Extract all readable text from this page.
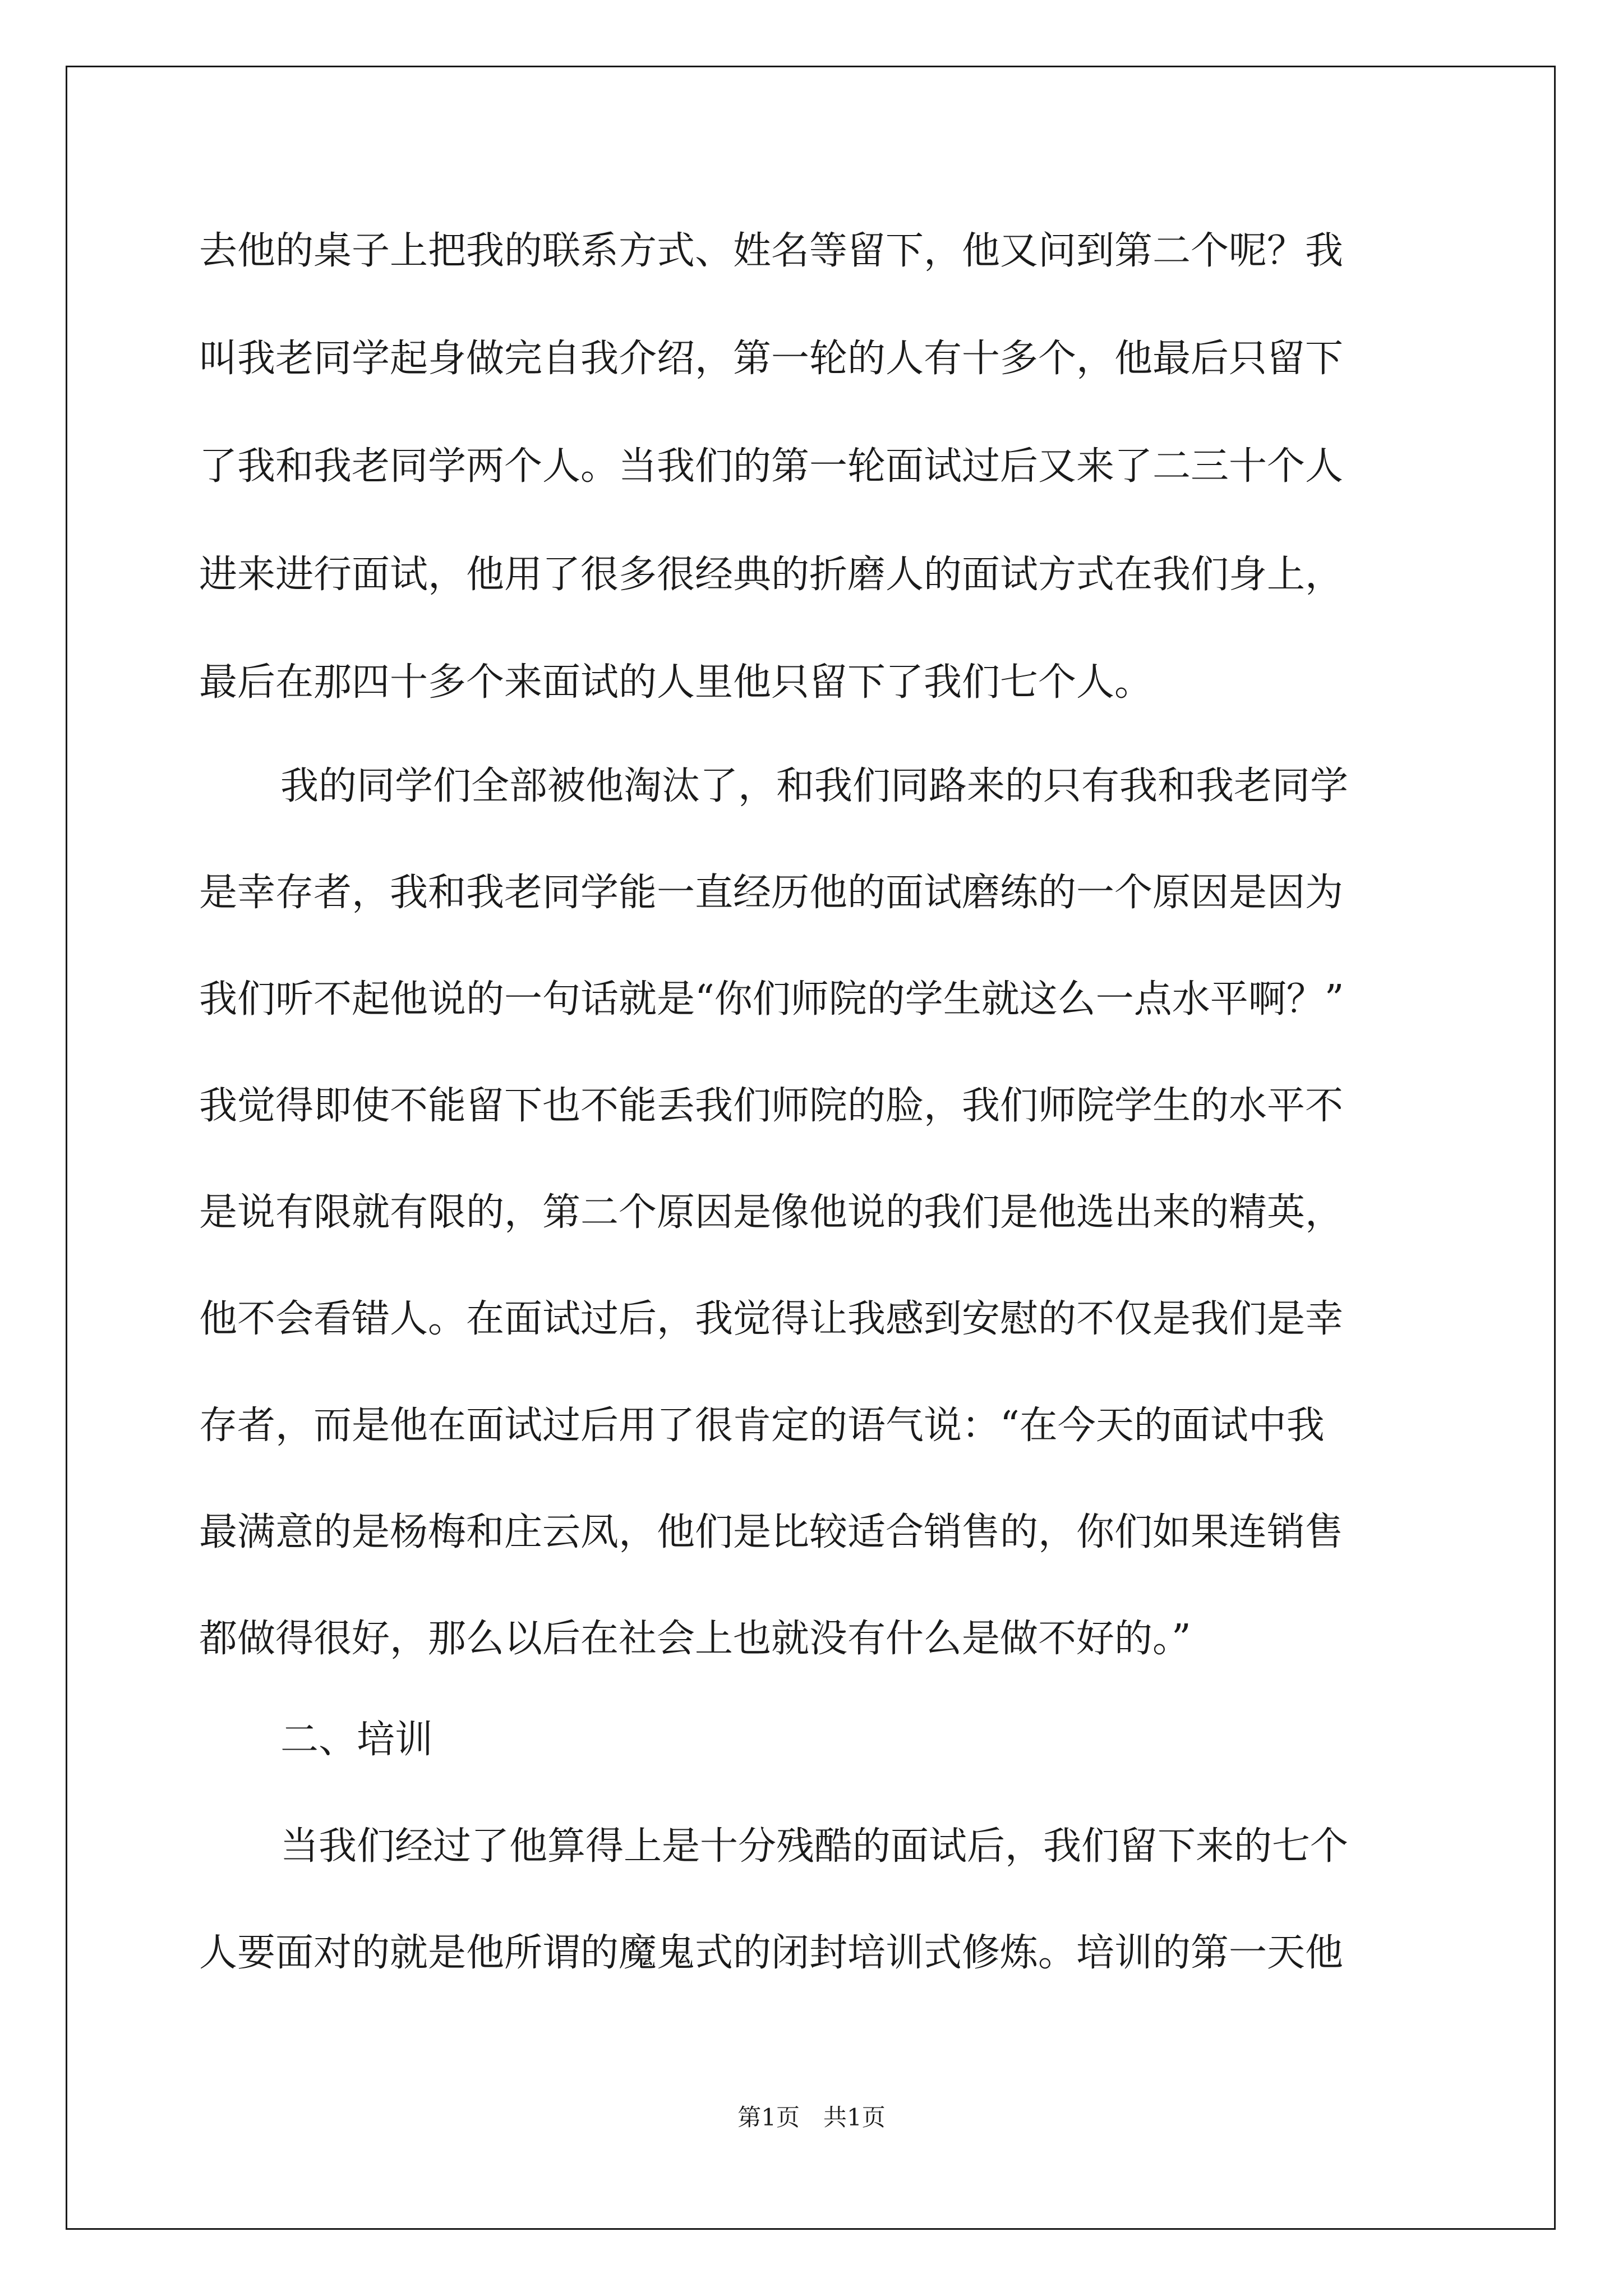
去他的桌子上把我的联系方式、姓名等留下，他又问到第二个呢？我
叫我老同学起身做完自我介绍，第一轮的人有十多个，他最后只留下
了我和我老同学两个人。当我们的第一轮面试过后又来了二三十个人
进来进行面试，他用了很多很经典的折磨人的面试方式在我们身上，
最后在那四十多个来面试的人里他只留下了我们七个人。
我的同学们全部被他淘汰了，和我们同路来的只有我和我老同学
是幸存者，我和我老同学能一直经历他的面试磨练的一个原因是因为
我们听不起他说的一句话就是“你们师院的学生就这么一点水平啊？”
我觉得即使不能留下也不能丢我们师院的脸，我们师院学生的水平不
是说有限就有限的，第二个原因是像他说的我们是他选出来的精英，
他不会看错人。在面试过后，我觉得让我感到安慰的不仅是我们是幸
存者，而是他在面试过后用了很肯定的语气说：“在今天的面试中我
最满意的是杨梅和庄云凤，他们是比较适合销售的，你们如果连销售
都做得很好，那么以后在社会上也就没有什么是做不好的。”
二、培训
当我们经过了他算得上是十分残酷的面试后，我们留下来的七个
人要面对的就是他所谓的魔鬼式的闭封培训式修炼。培训的第一天他
第1页　共1页
